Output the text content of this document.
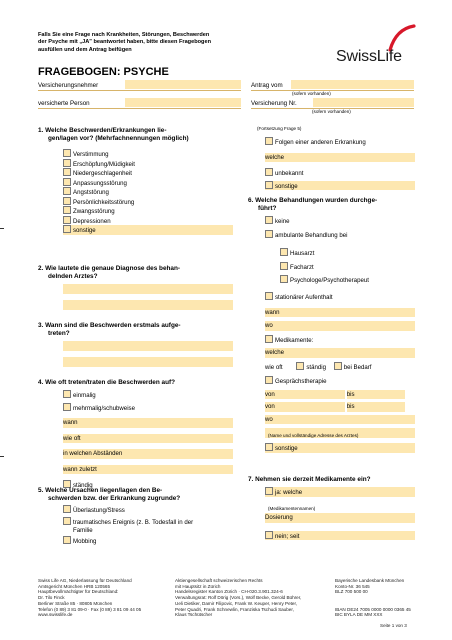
Falls Sie eine Frage nach Krankheiten, Störungen, Beschwerden
der Psyche mit „JA" beantwortet haben, bitte diesen Fragebogen
ausfüllen und dem Antrag beifügen	SwissLife
FRAGEBOGEN: PSYCHE
Versicherungsnehmer	Antrag vom
(sofern vorhanden)
versicherte Person	Versicherung Nr.
(sofern vorhanden)
1. Welche Beschwerden/Erkrankungen lie-
gen/lagen vor? (Mehrfachnennungen möglich)
Verstimmung
Erschöpfung/Müdigkeit
Niedergeschlagenheit
Anpassungsstörung
Angststörung
Persönlichkeitsstörung
Zwangsstörung
Depressionen
sonstige
2. Wie lautete die genaue Diagnose des behan-
delnden Arztes?
3. Wann sind die Beschwerden erstmals aufge-
treten?
4. Wie oft treten/traten die Beschwerden auf?
einmalig
mehrmalig/schubweise
wann
wie oft
in welchen Abständen
wann zuletzt
ständig
5. Welche Ursachen liegen/lagen den Be-
schwerden bzw. der Erkrankung zugrunde?
Überlastung/Stress
traumatisches Ereignis (z. B. Todesfall in der
Familie
Mobbing
(Fortsetzung Frage 5)
Folgen einer anderen Erkrankung
welche
unbekannt
sonstige
6. Welche Behandlungen wurden durchge-
führt?
keine
ambulante Behandlung bei
Hausarzt
Facharzt
Psychologe/Psychotherapeut
stationärer Aufenthalt
wann
wo
Medikamente:
welche
wie oft	ständig	bei Bedarf
Gesprächstherapie
von	bis
von	bis
wo
(Name und vollständige Adresse des Arztes)
sonstige
7. Nehmen sie derzeit Medikamente ein?
ja: welche
(Medikamentennamen)
Dosierung
nein; seit
Swiss Life AG, Niederlassung für Deutschland
Amtsgericht München HRB 120565
Hauptbevollmächtigter für Deutschland:
Dr. Tilo Finck
Berliner Straße 85 · 80805 München
Telefon (0 89) 3 81 09-0 · Fax (0 89) 3 81 09 44 05
www.swisslife.de
Aktiengesellschaft schweizerischen Rechts
mit Hauptsitz in Zürich
Handelsregister Kanton Zürich · CH-020.3.901.324-6
Verwaltungsrat: Rolf Dörig (Vors.), Wolf Becke, Gerold Bührer,
Ueli Dietiker, Damir Filipovic, Frank W. Keuper, Henry Peter,
Peter Quadri, Frank Schnewlin, Franziska Tschudi Sauber,
Klaus Tschütscher
Bayerische Landesbank München
Konto-Nr. 36 545
BLZ 700 500 00
IBAN DE24 7005 0000 0000 0365 45
BIC BYLA DE MM XXX
Seite 1 von 3
